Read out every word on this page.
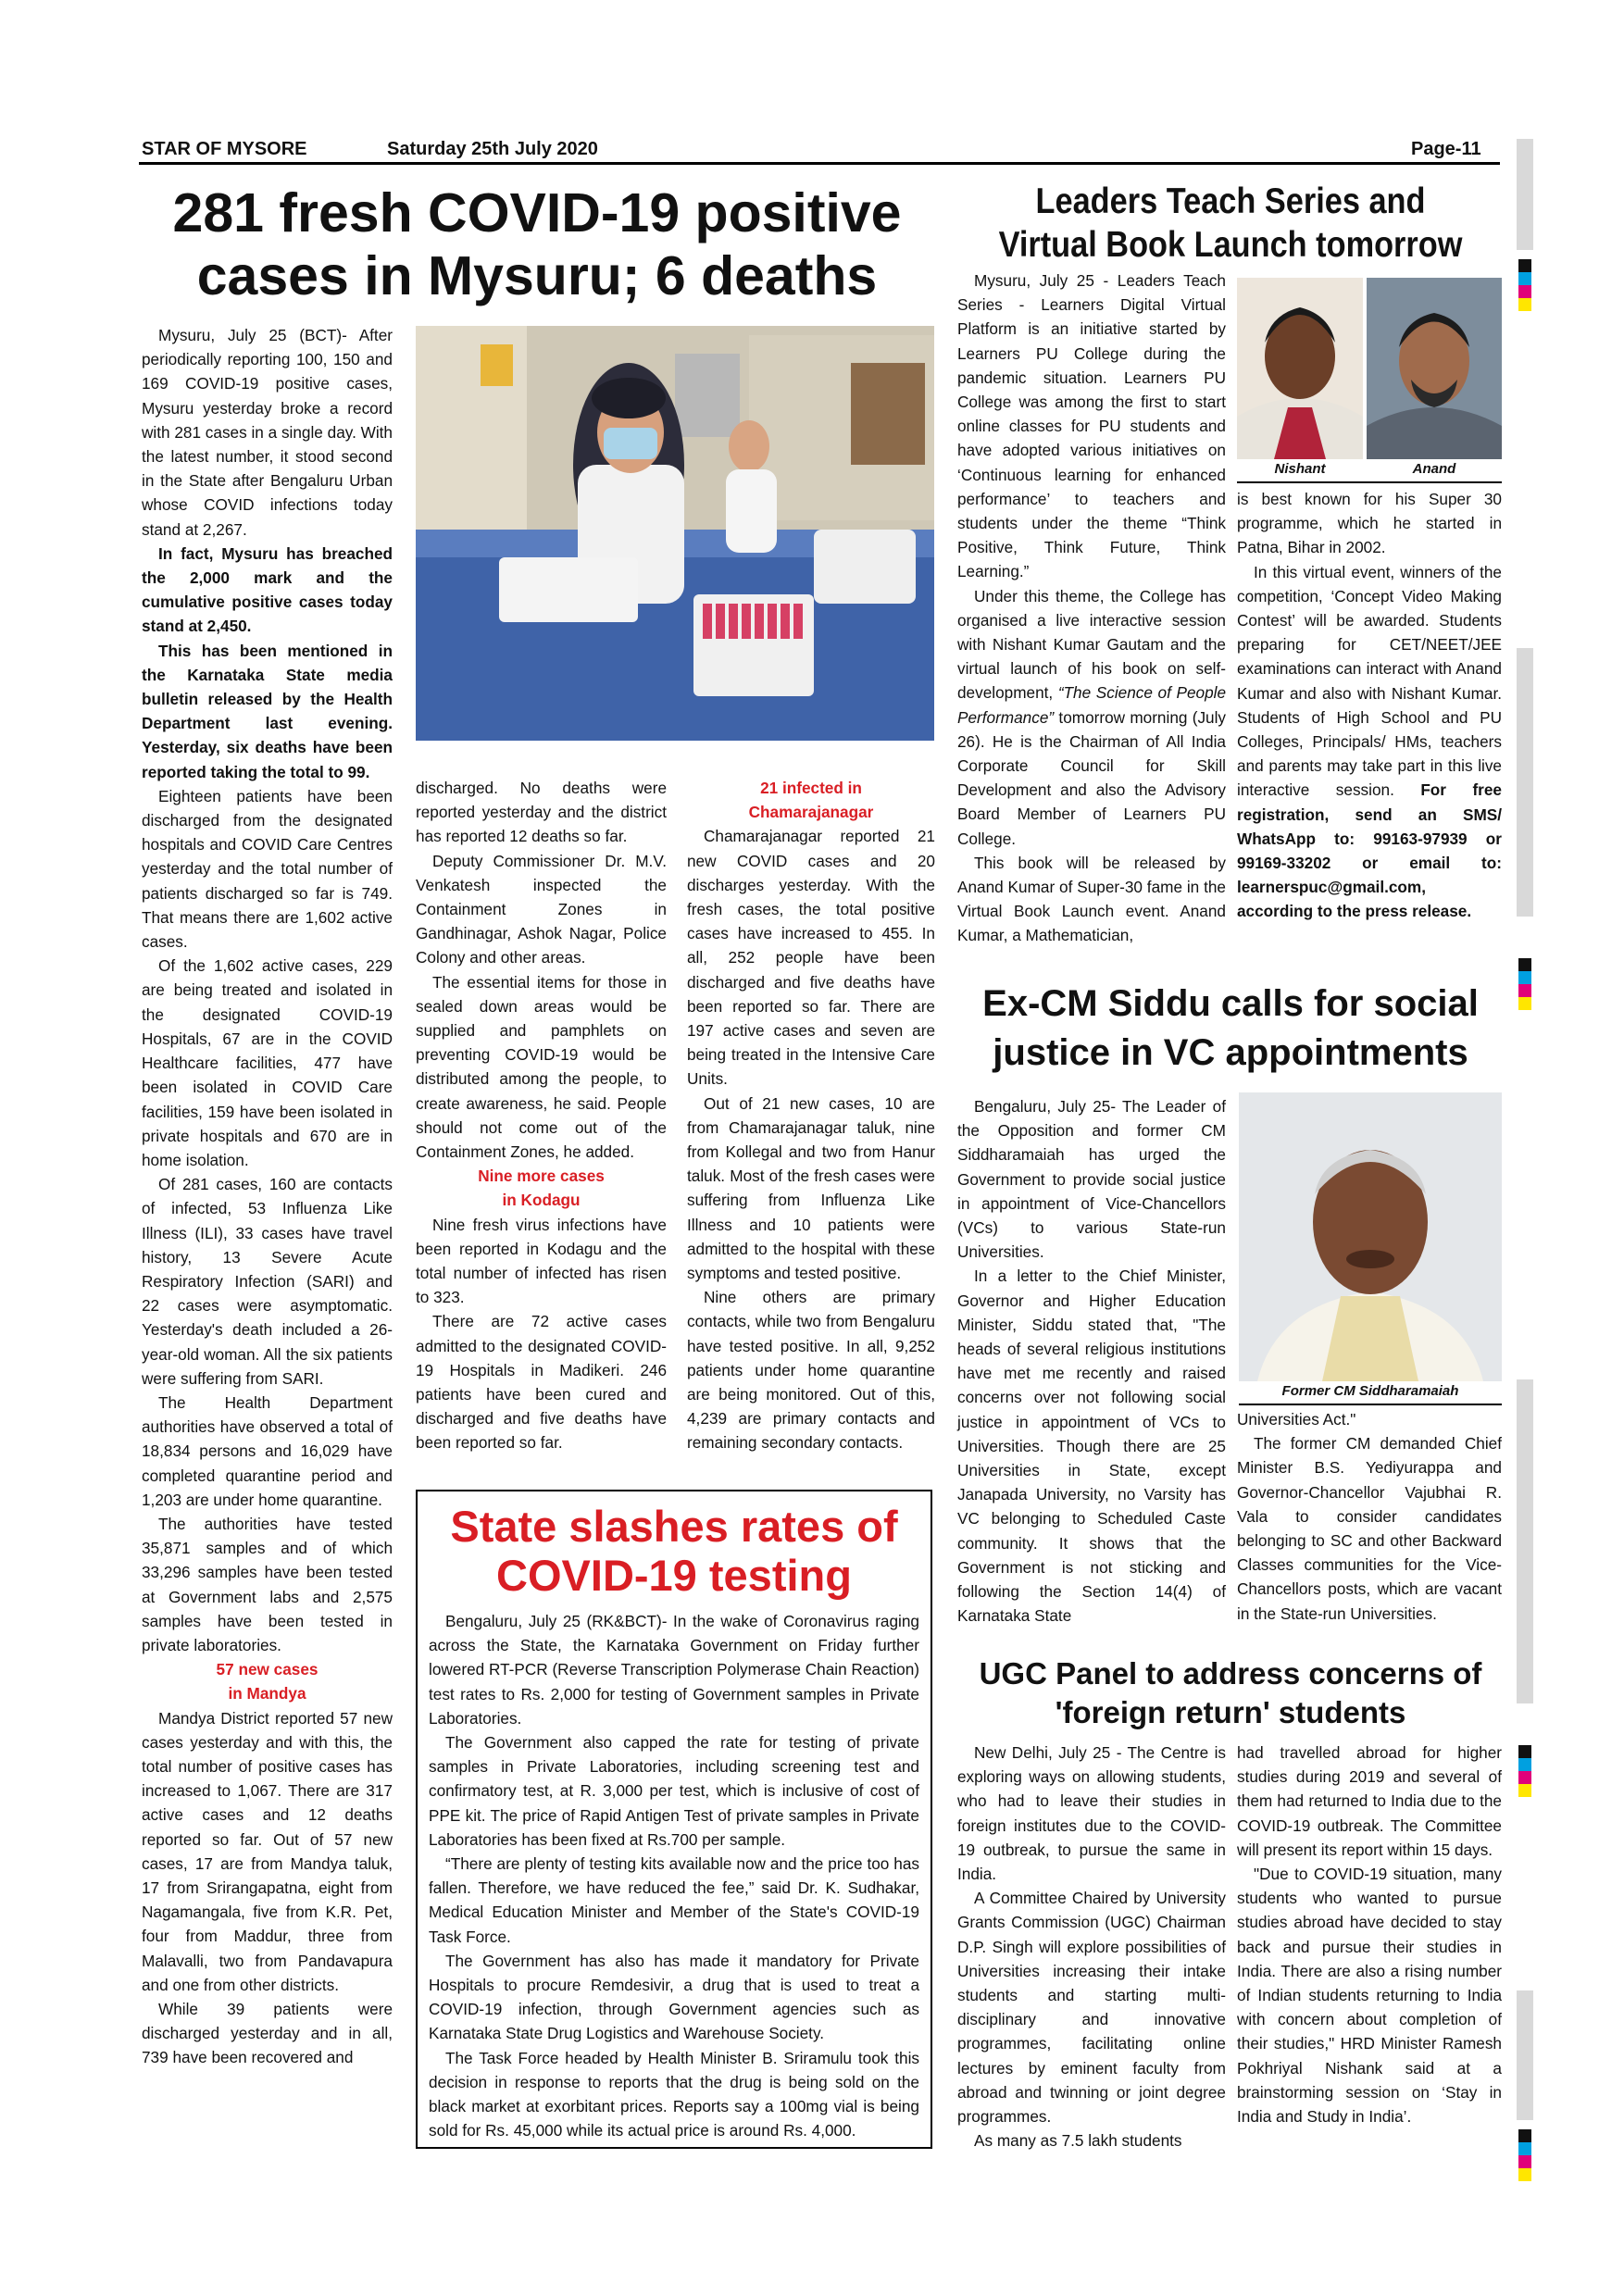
STAR OF MYSORE	Saturday 25th July 2020	Page-11
281 fresh COVID-19 positive cases in Mysuru; 6 deaths

Mysuru, July 25 (BCT)- After periodically reporting 100, 150 and 169 COVID-19 positive cases, Mysuru yesterday broke a record with 281 cases in a single day. With the latest number, it stood second in the State after Bengaluru Urban whose COVID infections today stand at 2,267.

In fact, Mysuru has breached the 2,000 mark and the cumulative positive cases today stand at 2,450.

This has been mentioned in the Karnataka State media bulletin released by the Health Department last evening. Yesterday, six deaths have been reported taking the total to 99.

Eighteen patients have been discharged from the designated hospitals and COVID Care Centres yesterday and the total number of patients discharged so far is 749. That means there are 1,602 active cases.

Of the 1,602 active cases, 229 are being treated and isolated in the designated COVID-19 Hospitals, 67 are in the COVID Healthcare facilities, 477 have been isolated in COVID Care facilities, 159 have been isolated in private hospitals and 670 are in home isolation.

Of 281 cases, 160 are contacts of infected, 53 Influenza Like Illness (ILI), 33 cases have travel history, 13 Severe Acute Respiratory Infection (SARI) and 22 cases were asymptomatic. Yesterday's death included a 26-year-old woman. All the six patients were suffering from SARI.

The Health Department authorities have observed a total of 18,834 persons and 16,029 have completed quarantine period and 1,203 are under home quarantine.

The authorities have tested 35,871 samples and of which 33,296 samples have been tested at Government labs and 2,575 samples have been tested in private laboratories.

57 new cases

in Mandya

Mandya District reported 57 new cases yesterday and with this, the total number of positive cases has increased to 1,067. There are 317 active cases and 12 deaths reported so far. Out of 57 new cases, 17 are from Mandya taluk, 17 from Srirangapatna, eight from Nagamangala, five from K.R. Pet, four from Maddur, three from Malavalli, two from Pandavapura and one from other districts.

While 39 patients were discharged yesterday and in all, 739 have been recovered and

discharged. No deaths were reported yesterday and the district has reported 12 deaths so far.

Deputy Commissioner Dr. M.V. Venkatesh inspected the Containment Zones in Gandhinagar, Ashok Nagar, Police Colony and other areas.

The essential items for those in sealed down areas would be supplied and pamphlets on preventing COVID-19 would be distributed among the people, to create awareness, he said. People should not come out of the Containment Zones, he added.

Nine more cases

in Kodagu

Nine fresh virus infections have been reported in Kodagu and the total number of infected has risen to 323.

There are 72 active cases admitted to the designated COVID-19 Hospitals in Madikeri. 246 patients have been cured and discharged and five deaths have been reported so far.

21 infected in

Chamarajanagar

Chamarajanagar reported 21 new COVID cases and 20 discharges yesterday. With the fresh cases, the total positive cases have increased to 455. In all, 252 people have been discharged and five deaths have been reported so far. There are 197 active cases and seven are being treated in the Intensive Care Units.

Out of 21 new cases, 10 are from Chamarajanagar taluk, nine from Kollegal and two from Hanur taluk. Most of the fresh cases were suffering from Influenza Like Illness and 10 patients were admitted to the hospital with these symptoms and tested positive.

Nine others are primary contacts, while two from Bengaluru have tested positive. In all, 9,252 patients under home quarantine are being monitored. Out of this, 4,239 are primary contacts and remaining secondary contacts.

State slashes rates of COVID-19 testing

Bengaluru, July 25 (RK&BCT)- In the wake of Coronavirus raging across the State, the Karnataka Government on Friday further lowered RT-PCR (Reverse Transcription Polymerase Chain Reaction) test rates to Rs. 2,000 for testing of Government samples in Private Laboratories.

The Government also capped the rate for testing of private samples in Private Laboratories, including screening test and confirmatory test, at R. 3,000 per test, which is inclusive of cost of PPE kit. The price of Rapid Antigen Test of private samples in Private Laboratories has been fixed at Rs.700 per sample.

“There are plenty of testing kits available now and the price too has fallen. Therefore, we have reduced the fee,” said Dr. K. Sudhakar, Medical Education Minister and Member of the State's COVID-19 Task Force.

The Government has also has made it mandatory for Private Hospitals to procure Remdesivir, a drug that is used to treat a COVID-19 infection, through Government agencies such as Karnataka State Drug Logistics and Warehouse Society.

The Task Force headed by Health Minister B. Sriramulu took this decision in response to reports that the drug is being sold on the black market at exorbitant prices. Reports say a 100mg vial is being sold for Rs. 45,000 while its actual price is around Rs. 4,000.

Leaders Teach Series and Virtual Book Launch tomorrow
Nishant	Anand

Mysuru, July 25 - Leaders Teach Series - Learners Digital Virtual Platform is an initiative started by Learners PU College during the pandemic situation. Learners PU College was among the first to start online classes for PU students and have adopted various initiatives on ‘Continuous learning for enhanced performance’ to teachers and students under the theme “Think Positive, Think Future, Think Learning.”

Under this theme, the College has organised a live interactive session with Nishant Kumar Gautam and the virtual launch of his book on self-development, “The Science of People Performance” tomorrow morning (July 26). He is the Chairman of All India Corporate Council for Skill Development and also the Advisory Board Member of Learners PU College.

This book will be released by Anand Kumar of Super-30 fame in the Virtual Book Launch event. Anand Kumar, a Mathematician,

is best known for his Super 30 programme, which he started in Patna, Bihar in 2002.

In this virtual event, winners of the competition, ‘Concept Video Making Contest’ will be awarded. Students preparing for CET/NEET/JEE examinations can interact with Anand Kumar and also with Nishant Kumar. Students of High School and PU Colleges, Principals/ HMs, teachers and parents may take part in this live interactive session. For free registration, send an SMS/ WhatsApp to: 99163-97939 or 99169-33202 or email to: learnerspuc@gmail.com, according to the press release.

Ex-CM Siddu calls for social justice in VC appointments
Former CM Siddharamaiah

Bengaluru, July 25- The Leader of the Opposition and former CM Siddharamaiah has urged the Government to provide social justice in appointment of Vice-Chancellors (VCs) to various State-run Universities.

In a letter to the Chief Minister, Governor and Higher Education Minister, Siddu stated that, "The heads of several religious institutions have met me recently and raised concerns over not following social justice in appointment of VCs to Universities. Though there are 25 Universities in State, except Janapada University, no Varsity has VC belonging to Scheduled Caste community. It shows that the Government is not sticking and following the Section 14(4) of Karnataka State

Universities Act."

The former CM demanded Chief Minister B.S. Yediyurappa and Governor-Chancellor Vajubhai R. Vala to consider candidates belonging to SC and other Backward Classes communities for the Vice-Chancellors posts, which are vacant in the State-run Universities.

UGC Panel to address concerns of 'foreign return' students

New Delhi, July 25 - The Centre is exploring ways on allowing students, who had to leave their studies in foreign institutes due to the COVID-19 outbreak, to pursue the same in India.

A Committee Chaired by University Grants Commission (UGC) Chairman D.P. Singh will explore possibilities of Universities increasing their intake students and starting multi-disciplinary and innovative programmes, facilitating online lectures by eminent faculty from abroad and twinning or joint degree programmes.

As many as 7.5 lakh students

had travelled abroad for higher studies during 2019 and several of them had returned to India due to the COVID-19 outbreak. The Committee will present its report within 15 days.

"Due to COVID-19 situation, many students who wanted to pursue studies abroad have decided to stay back and pursue their studies in India. There are also a rising number of Indian students returning to India with concern about completion of their studies," HRD Minister Ramesh Pokhriyal Nishank said at a brainstorming session on ‘Stay in India and Study in India’.
